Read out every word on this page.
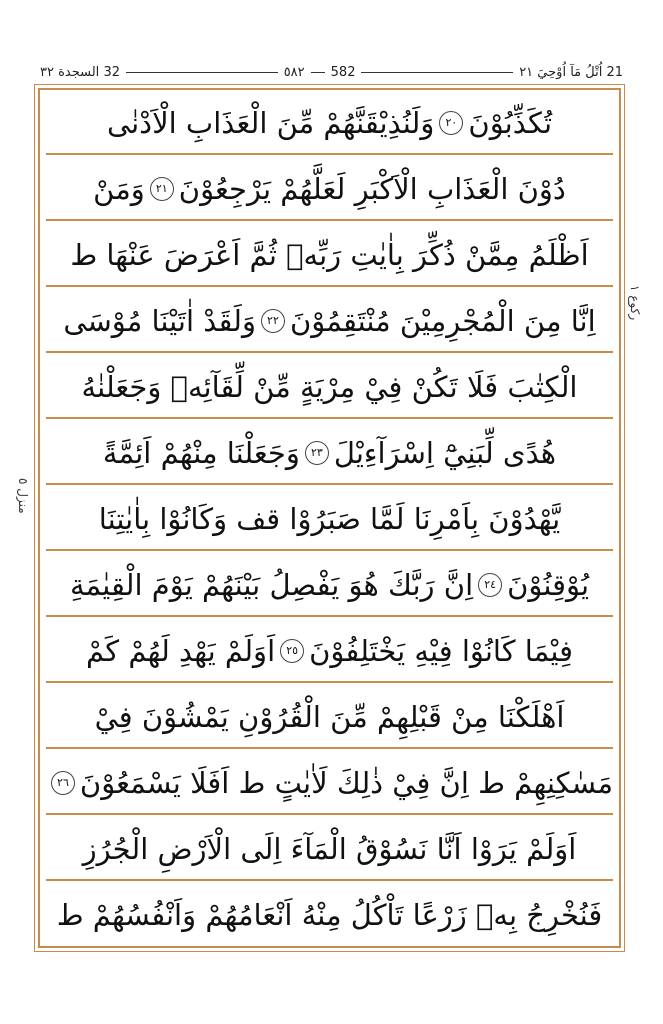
32 السجدة ٣٢	٥٨٢ 582	21 اُتْلُ مَآ اُوْحِيَ ٢١
رکوع ١
منزل ٥
تُكَذِّبُوْنَ
٢٠
وَلَنُذِيْقَنَّهُمْ مِّنَ الْعَذَابِ الْاَدْنٰى
دُوْنَ الْعَذَابِ الْاَكْبَرِ لَعَلَّهُمْ يَرْجِعُوْنَ
٢١
وَمَنْ
اَظْلَمُ مِمَّنْ ذُكِّرَ بِاٰيٰتِ رَبِّهٖ ثُمَّ اَعْرَضَ عَنْهَا ط
اِنَّا مِنَ الْمُجْرِمِيْنَ مُنْتَقِمُوْنَ
٢٢
وَلَقَدْ اٰتَيْنَا مُوْسَى
الْكِتٰبَ فَلَا تَكُنْ فِيْ مِرْيَةٍ مِّنْ لِّقَآئِهٖ وَجَعَلْنٰهُ
هُدًى لِّبَنِيْٓ اِسْرَآءِيْلَ
٢٣
وَجَعَلْنَا مِنْهُمْ اَئِمَّةً
يَّهْدُوْنَ بِاَمْرِنَا لَمَّا صَبَرُوْا قف وَكَانُوْا بِاٰيٰتِنَا
يُوْقِنُوْنَ
٢٤
اِنَّ رَبَّكَ هُوَ يَفْصِلُ بَيْنَهُمْ يَوْمَ الْقِيٰمَةِ
فِيْمَا كَانُوْا فِيْهِ يَخْتَلِفُوْنَ
٢٥
اَوَلَمْ يَهْدِ لَهُمْ كَمْ
اَهْلَكْنَا مِنْ قَبْلِهِمْ مِّنَ الْقُرُوْنِ يَمْشُوْنَ فِيْ
مَسٰكِنِهِمْ ط اِنَّ فِيْ ذٰلِكَ لَاٰيٰتٍ ط اَفَلَا يَسْمَعُوْنَ
٢٦
اَوَلَمْ يَرَوْا اَنَّا نَسُوْقُ الْمَآءَ اِلَى الْاَرْضِ الْجُرُزِ
فَنُخْرِجُ بِهٖ زَرْعًا تَاْكُلُ مِنْهُ اَنْعَامُهُمْ وَاَنْفُسُهُمْ ط
